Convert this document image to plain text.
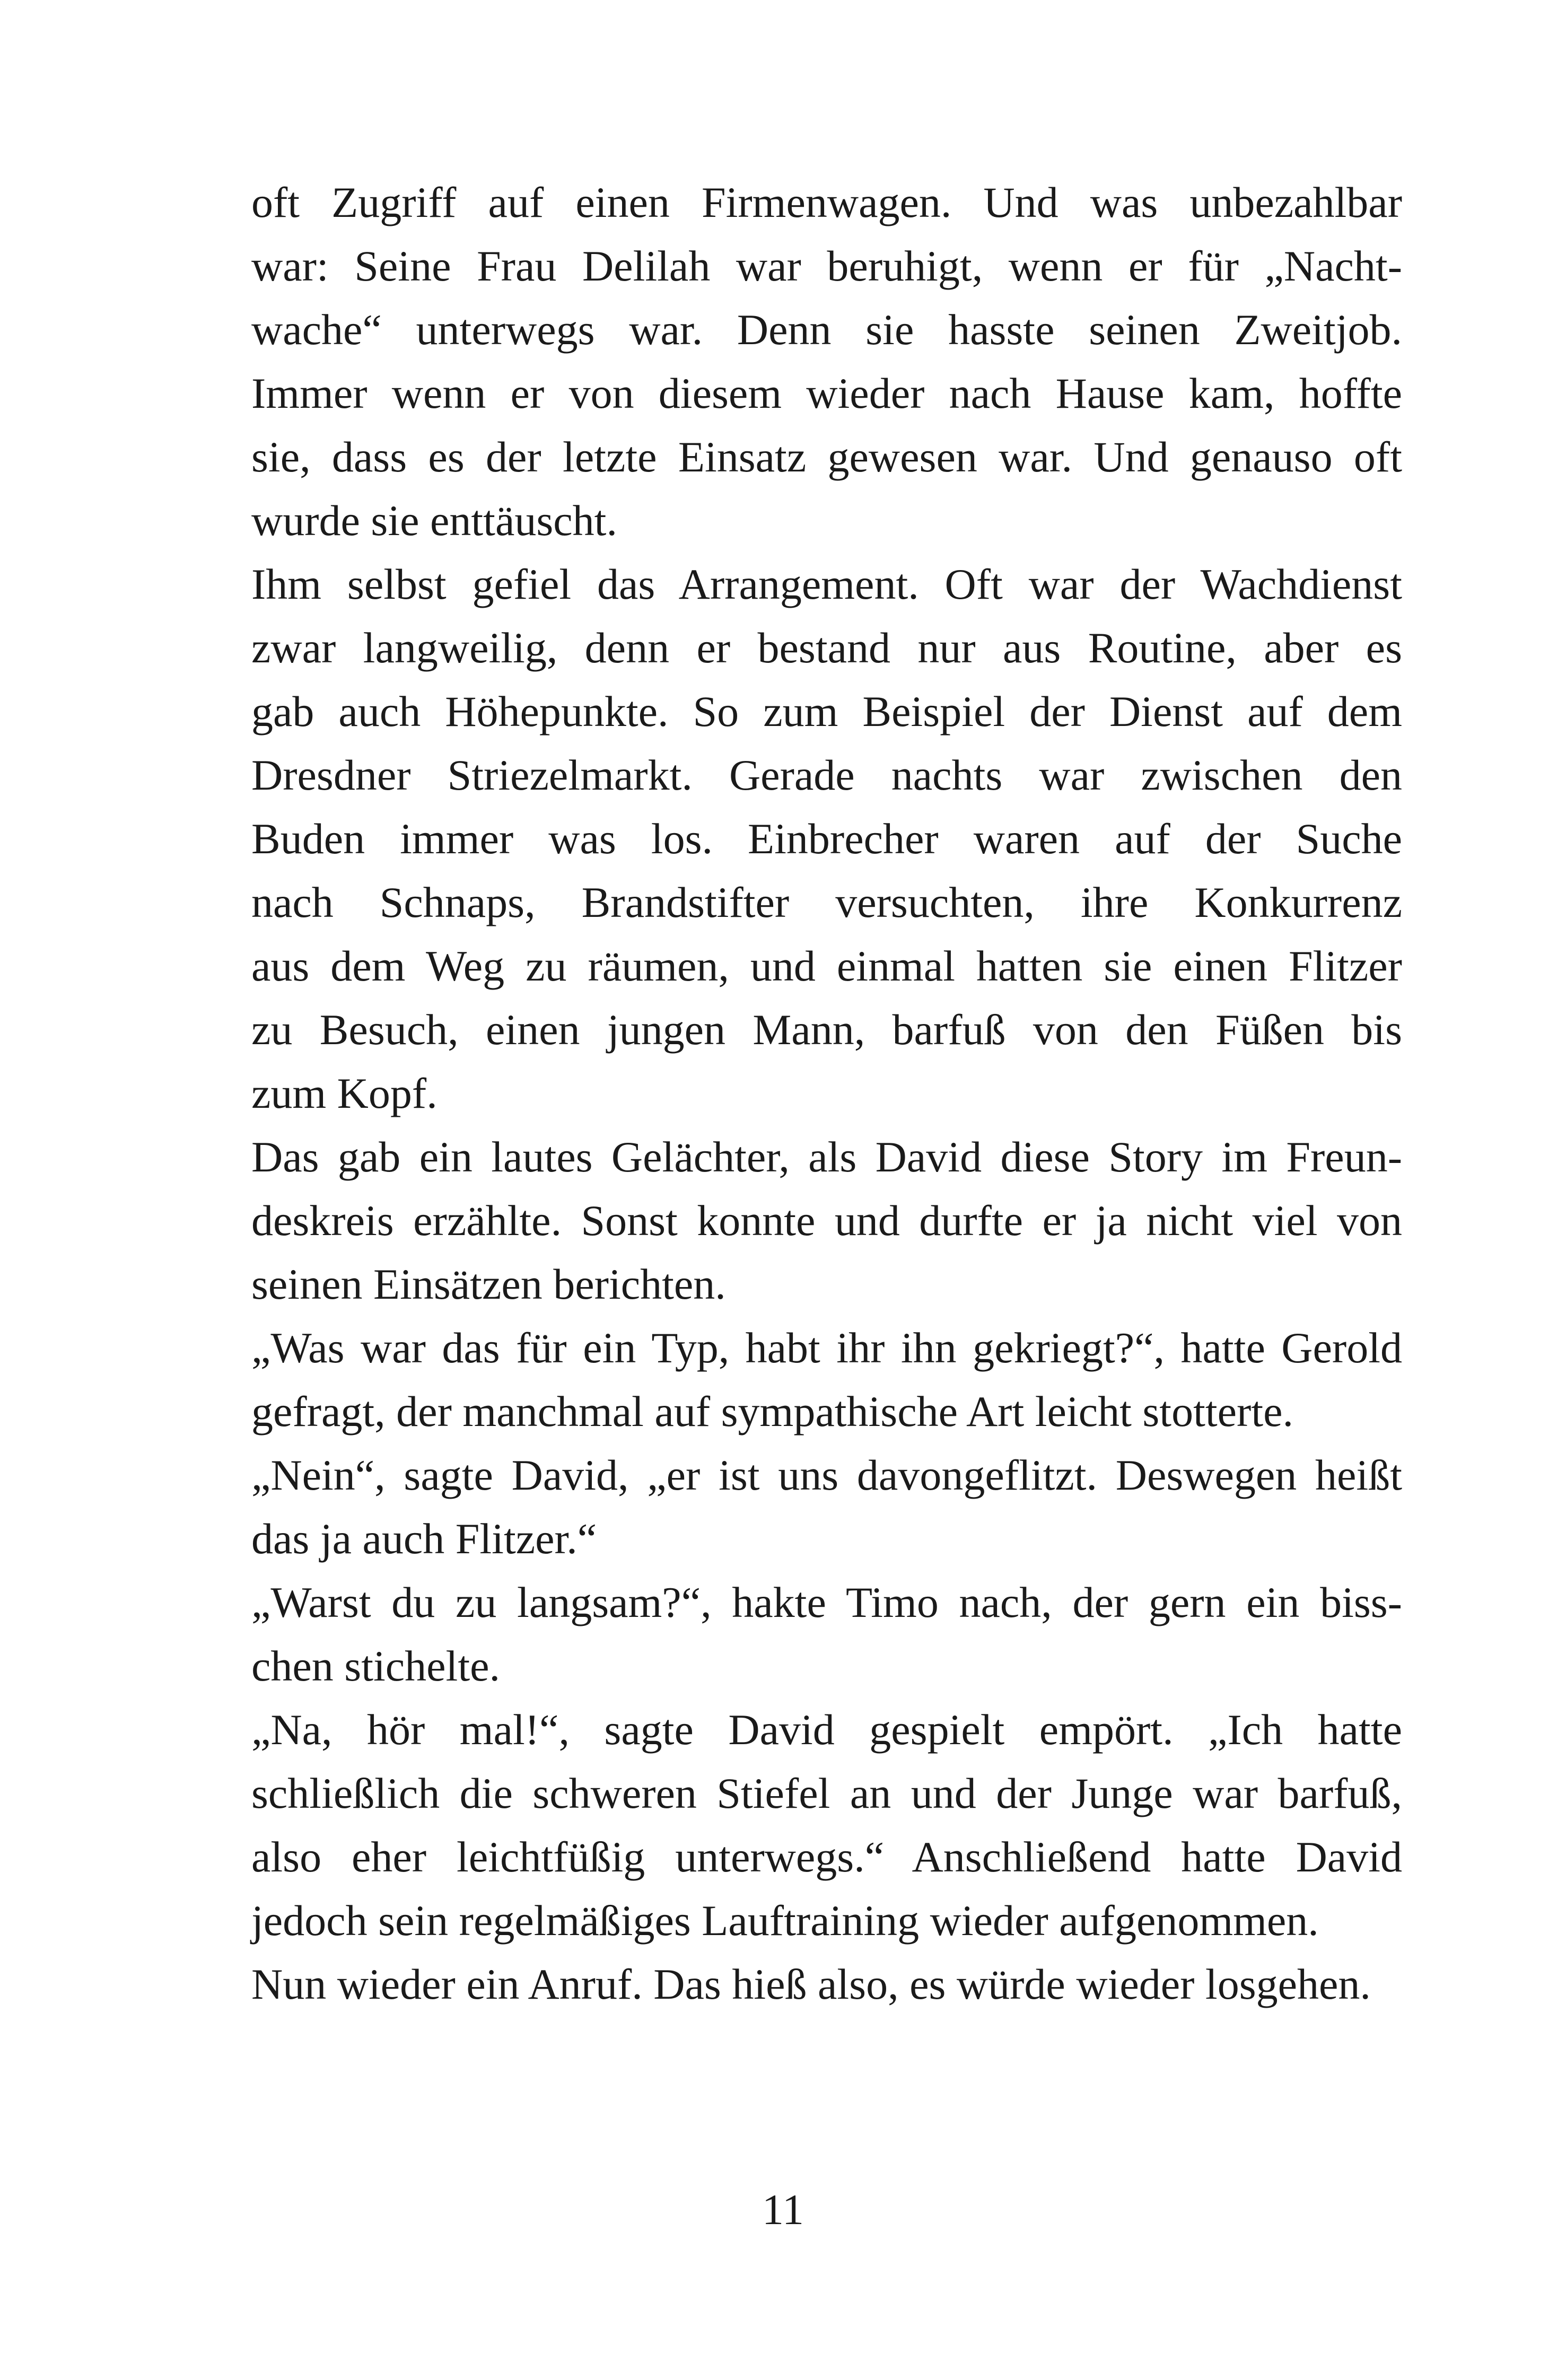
oft Zugriff auf einen Firmenwagen. Und was unbezahlbar
war: Seine Frau Delilah war beruhigt, wenn er für „Nacht-
wache“ unterwegs war. Denn sie hasste seinen Zweitjob.
Immer wenn er von diesem wieder nach Hause kam, hoffte
sie, dass es der letzte Einsatz gewesen war. Und genauso oft
wurde sie enttäuscht.
Ihm selbst gefiel das Arrangement. Oft war der Wachdienst
zwar langweilig, denn er bestand nur aus Routine, aber es
gab auch Höhepunkte. So zum Beispiel der Dienst auf dem
Dresdner Striezelmarkt. Gerade nachts war zwischen den
Buden immer was los. Einbrecher waren auf der Suche
nach Schnaps, Brandstifter versuchten, ihre Konkurrenz
aus dem Weg zu räumen, und einmal hatten sie einen Flitzer
zu Besuch, einen jungen Mann, barfuß von den Füßen bis
zum Kopf.
Das gab ein lautes Gelächter, als David diese Story im Freun-
deskreis erzählte. Sonst konnte und durfte er ja nicht viel von
seinen Einsätzen berichten.
„Was war das für ein Typ, habt ihr ihn gekriegt?“, hatte Gerold
gefragt, der manchmal auf sympathische Art leicht stotterte.
„Nein“, sagte David, „er ist uns davongeflitzt. Deswegen heißt
das ja auch Flitzer.“
„Warst du zu langsam?“, hakte Timo nach, der gern ein biss-
chen stichelte.
„Na, hör mal!“, sagte David gespielt empört. „Ich hatte
schließlich die schweren Stiefel an und der Junge war barfuß,
also eher leichtfüßig unterwegs.“ Anschließend hatte David
jedoch sein regelmäßiges Lauftraining wieder aufgenommen.
Nun wieder ein Anruf. Das hieß also, es würde wieder losgehen.
11
